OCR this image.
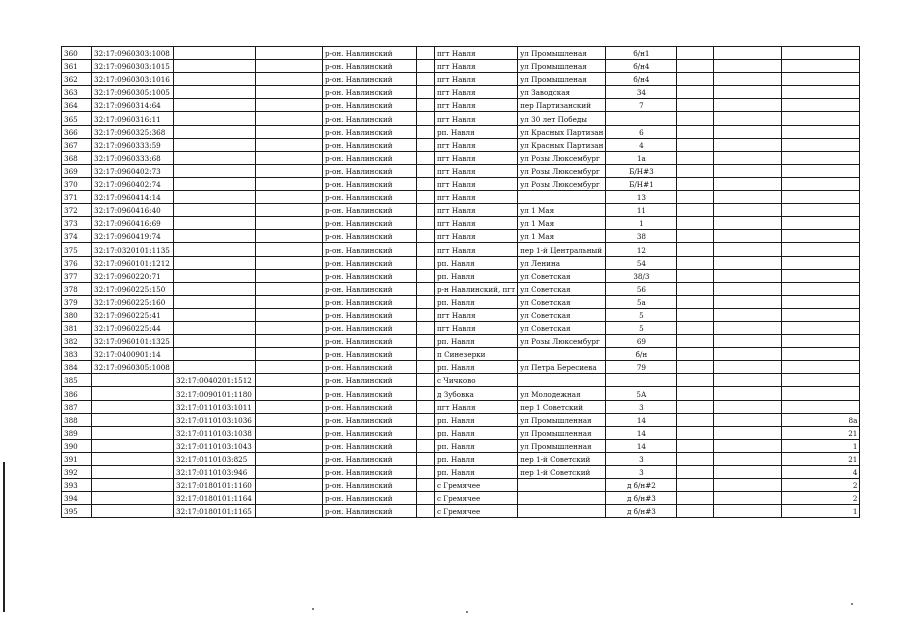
360	32:17:0960303:1008			р-он. Навлинский		пгт Навля	ул Промышленая	б/н1			
361	32:17:0960303:1015			р-он. Навлинский		пгт Навля	ул Промышленая	б/н4			
362	32:17:0960303:1016			р-он. Навлинский		пгт Навля	ул Промышленая	б/н4			
363	32:17:0960305:1005			р-он. Навлинский		пгт Навля	ул Заводская	34			
364	32:17:0960314:64			р-он. Навлинский		пгт Навля	пер Партизанский	7			
365	32:17:0960316:11			р-он. Навлинский		пгт Навля	ул 30 лет Победы				
366	32:17:0960325:368			р-он. Навлинский		рп. Навля	ул Красных Партизан	6			
367	32:17:0960333:59			р-он. Навлинский		пгт Навля	ул Красных Партизан	4			
368	32:17:0960333:68			р-он. Навлинский		пгт Навля	ул Розы Люксембург	1а			
369	32:17:0960402:73			р-он. Навлинский		пгт Навля	ул Розы Люксембург	Б/Н#3			
370	32:17:0960402:74			р-он. Навлинский		пгт Навля	ул Розы Люксембург	Б/Н#1			
371	32:17:0960414:14			р-он. Навлинский		пгт Навля		13			
372	32:17:0960416:40			р-он. Навлинский		пгт Навля	ул 1 Мая	11			
373	32:17:0960416:69			р-он. Навлинский		пгт Навля	ул 1 Мая	1			
374	32:17:0960419:74			р-он. Навлинский		пгт Навля	ул 1 Мая	38			
375	32:17:0320101:1135			р-он. Навлинский		пгт Навля	пер 1-й Центральный	12			
376	32:17:0960101:1212			р-он. Навлинский		рп. Навля	ул Ленина	54			
377	32:17:0960220:71			р-он. Навлинский		рп. Навля	ул Советская	38/3			
378	32:17:0960225:150			р-он. Навлинский		р-н Навлинский, пгт	ул Советская	56			
379	32:17:0960225:160			р-он. Навлинский		рп. Навля	ул Советская	5а			
380	32:17:0960225:41			р-он. Навлинский		пгт Навля	ул Советская	5			
381	32:17:0960225:44			р-он. Навлинский		пгт Навля	ул Советская	5			
382	32:17:0960101:1325			р-он. Навлинский		рп. Навля	ул Розы Люксембург	69			
383	32:17:0400901:14			р-он. Навлинский		п Синезерки		б/н			
384	32:17:0960305:1008			р-он. Навлинский		рп. Навля	ул Петра Бересиева	79			
385		32:17:0040201:1512		р-он. Навлинский		с Чичково					
386		32:17:0090101:1180		р-он. Навлинский		д Зубовка	ул Молодежная	5А			
387		32:17:0110103:1011		р-он. Навлинский		пгт Навля	пер 1 Советский	3			
388		32:17:0110103:1036		р-он. Навлинский		рп. Навля	ул Промышленная	14			8а
389		32:17:0110103:1038		р-он. Навлинский		рп. Навля	ул Промышленная	14			21
390		32:17:0110103:1043		р-он. Навлинский		рп. Навля	ул Промышленная	14			1
391		32:17:0110103:825		р-он. Навлинский		рп. Навля	пер 1-й Советский	3			21
392		32:17:0110103:946		р-он. Навлинский		рп. Навля	пер 1-й Советский	3			4
393		32:17:0180101:1160		р-он. Навлинский		с Гремячее		д б/н#2			2
394		32:17:0180101:1164		р-он. Навлинский		с Гремячее		д б/н#3			2
395		32:17:0180101:1165		р-он. Навлинский		с Гремячее		д б/н#3			1
